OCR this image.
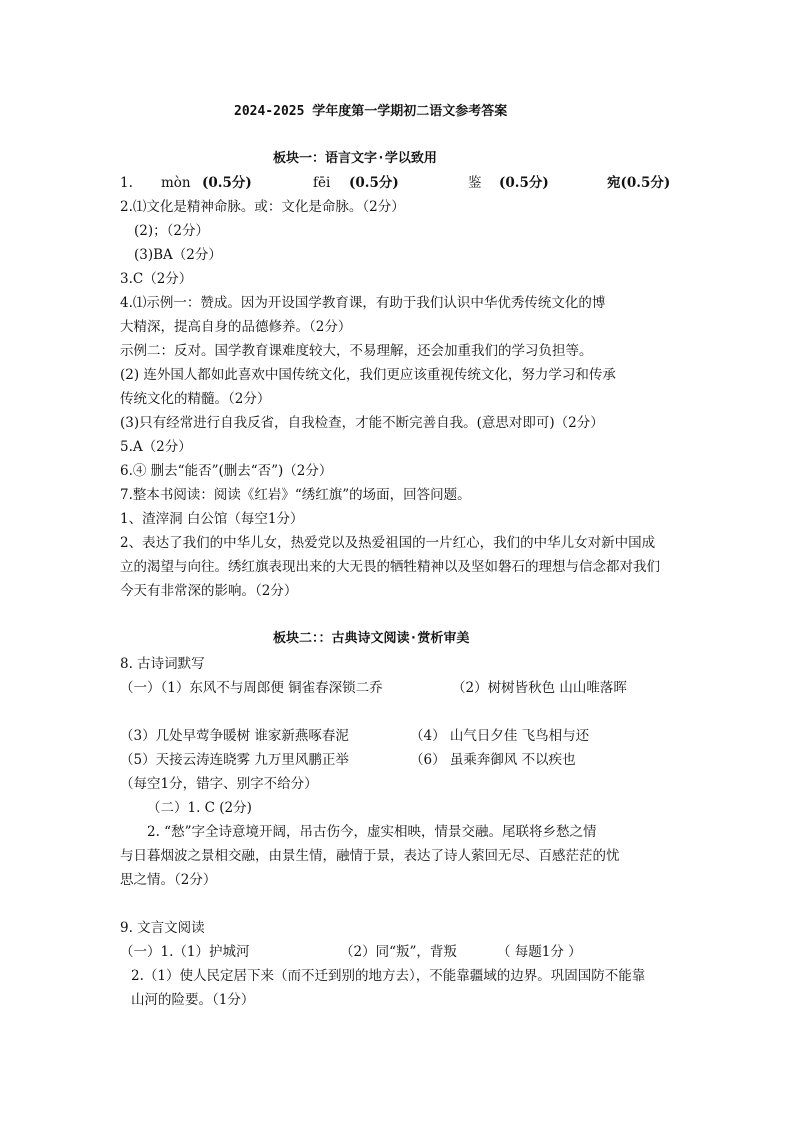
2024-2025 学年度第一学期初二语文参考答案
板块一：语言文字·学以致用
1. mòn (0.5分)	fēi (0.5分)	鉴 (0.5分)	宛(0.5分)
2.⑴文化是精神命脉。或：文化是命脉。（2分）
(2)；（2分）
(3)BA（2分）
3.C（2分）
4.⑴示例一：赞成。因为开设国学教育课，有助于我们认识中华优秀传统文化的博
大精深，提高自身的品德修养。（2分）
示例二：反对。国学教育课难度较大，不易理解，还会加重我们的学习负担等。
(2) 连外国人都如此喜欢中国传统文化，我们更应该重视传统文化，努力学习和传承
传统文化的精髓。（2分）
(3)只有经常进行自我反省，自我检查，才能不断完善自我。(意思对即可)（2分）
5.A（2分）
6.④ 删去“能否”(删去“否”)（2分）
7.整本书阅读：阅读《红岩》“绣红旗”的场面，回答问题。
1、渣滓洞 白公馆（每空1分）
2、表达了我们的中华儿女，热爱党以及热爱祖国的一片红心，我们的中华儿女对新中国成
立的渴望与向往。绣红旗表现出来的大无畏的牺牲精神以及坚如磐石的理想与信念都对我们
今天有非常深的影响。（2分）
板块二：：古典诗文阅读·赏析审美
8. 古诗词默写
（一）（1）东风不与周郎便 铜雀春深锁二乔	（2）树树皆秋色 山山唯落晖
（3）几处早莺争暖树 谁家新燕啄春泥	（4） 山气日夕佳 飞鸟相与还
（5）天接云涛连晓雾 九万里风鹏正举	（6） 虽乘奔御风 不以疾也
（每空1分，错字、别字不给分）
（二）1. C (2分)
2. “愁”字全诗意境开阔，吊古伤今，虚实相映，情景交融。尾联将乡愁之情
与日暮烟波之景相交融，由景生情，融情于景，表达了诗人萦回无尽、百感茫茫的忧
思之情。（2分）
9. 文言文阅读
（一）1.（1）护城河	（2）同“叛”，背叛	（ 每题1分 ）
2.（1）使人民定居下来（而不迁到别的地方去），不能靠疆域的边界。巩固国防不能靠
山河的险要。（1分）
